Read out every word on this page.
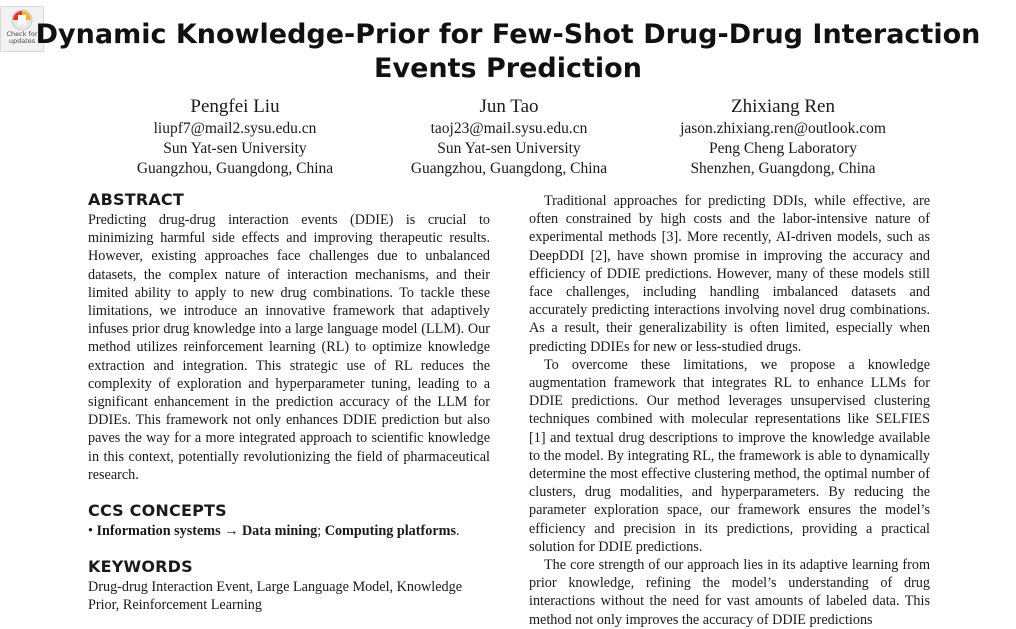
Check for
updates Dynamic Knowledge-Prior for Few-Shot Drug-Drug Interaction Events Prediction
Pengfei Liu
liupf7@mail2.sysu.edu.cn
Sun Yat-sen University
Guangzhou, Guangdong, China
Jun Tao
taoj23@mail.sysu.edu.cn
Sun Yat-sen University
Guangzhou, Guangdong, China
Zhixiang Ren
jason.zhixiang.ren@outlook.com
Peng Cheng Laboratory
Shenzhen, Guangdong, China
ABSTRACT

Predicting drug-drug interaction events (DDIE) is crucial to minimizing harmful side effects and improving therapeutic results. However, existing approaches face challenges due to unbalanced datasets, the complex nature of interaction mechanisms, and their limited ability to apply to new drug combinations. To tackle these limitations, we introduce an innovative framework that adaptively infuses prior drug knowledge into a large language model (LLM). Our method utilizes reinforcement learning (RL) to optimize knowledge extraction and integration. This strategic use of RL reduces the complexity of exploration and hyperparameter tuning, leading to a significant enhancement in the prediction accuracy of the LLM for DDIEs. This framework not only enhances DDIE prediction but also paves the way for a more integrated approach to scientific knowledge in this context, potentially revolutionizing the field of pharmaceutical research.

CCS CONCEPTS

• Information systems → Data mining; Computing platforms.

KEYWORDS

Drug-drug Interaction Event, Large Language Model, Knowledge Prior, Reinforcement Learning

Traditional approaches for predicting DDIs, while effective, are often constrained by high costs and the labor-intensive nature of experimental methods [3]. More recently, AI-driven models, such as DeepDDI [2], have shown promise in improving the accuracy and efficiency of DDIE predictions. However, many of these models still face challenges, including handling imbalanced datasets and accurately predicting interactions involving novel drug combinations. As a result, their generalizability is often limited, especially when predicting DDIEs for new or less-studied drugs.

To overcome these limitations, we propose a knowledge augmentation framework that integrates RL to enhance LLMs for DDIE predictions. Our method leverages unsupervised clustering techniques combined with molecular representations like SELFIES [1] and textual drug descriptions to improve the knowledge available to the model. By integrating RL, the framework is able to dynamically determine the most effective clustering method, the optimal number of clusters, drug modalities, and hyperparameters. By reducing the parameter exploration space, our framework ensures the model’s efficiency and precision in its predictions, providing a practical solution for DDIE predictions.

The core strength of our approach lies in its adaptive learning from prior knowledge, refining the model’s understanding of drug interactions without the need for vast amounts of labeled data. This method not only improves the accuracy of DDIE predictions
